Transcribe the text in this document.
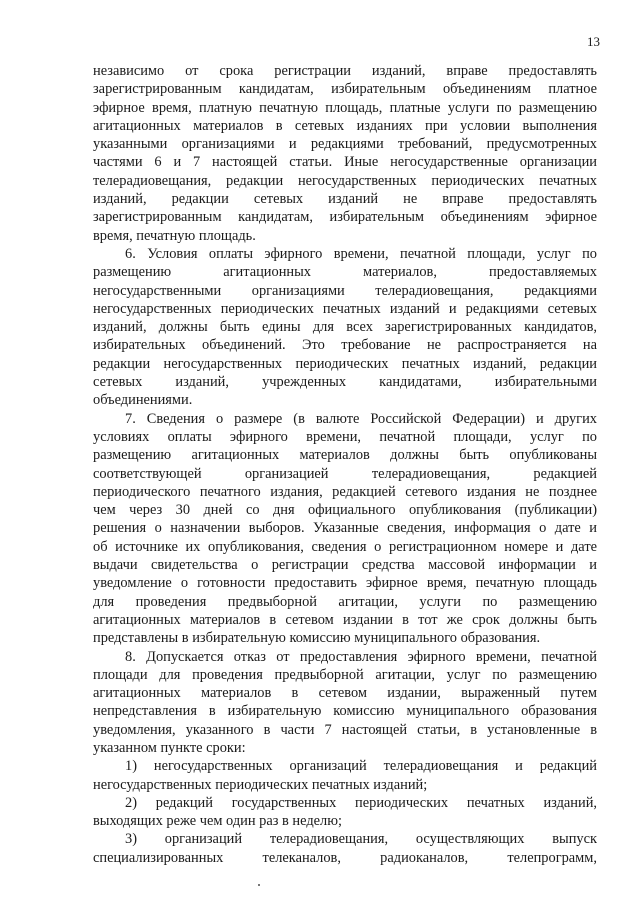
13
независимо от срока регистрации изданий, вправе предоставлять
зарегистрированным кандидатам, избирательным объединениям платное
эфирное время, платную печатную площадь, платные услуги по размещению
агитационных материалов в сетевых изданиях при условии выполнения
указанными организациями и редакциями требований, предусмотренных
частями 6 и 7 настоящей статьи. Иные негосударственные организации
телерадиовещания, редакции негосударственных периодических печатных
изданий, редакции сетевых изданий не вправе предоставлять
зарегистрированным кандидатам, избирательным объединениям эфирное
время, печатную площадь.
6. Условия оплаты эфирного времени, печатной площади, услуг по
размещению агитационных материалов, предоставляемых
негосударственными организациями телерадиовещания, редакциями
негосударственных периодических печатных изданий и редакциями сетевых
изданий, должны быть едины для всех зарегистрированных кандидатов,
избирательных объединений. Это требование не распространяется на
редакции негосударственных периодических печатных изданий, редакции
сетевых изданий, учрежденных кандидатами, избирательными
объединениями.
7. Сведения о размере (в валюте Российской Федерации) и других
условиях оплаты эфирного времени, печатной площади, услуг по
размещению агитационных материалов должны быть опубликованы
соответствующей организацией телерадиовещания, редакцией
периодического печатного издания, редакцией сетевого издания не позднее
чем через 30 дней со дня официального опубликования (публикации)
решения о назначении выборов. Указанные сведения, информация о дате и
об источнике их опубликования, сведения о регистрационном номере и дате
выдачи свидетельства о регистрации средства массовой информации и
уведомление о готовности предоставить эфирное время, печатную площадь
для проведения предвыборной агитации, услуги по размещению
агитационных материалов в сетевом издании в тот же срок должны быть
представлены в избирательную комиссию муниципального образования.
8. Допускается отказ от предоставления эфирного времени, печатной
площади для проведения предвыборной агитации, услуг по размещению
агитационных материалов в сетевом издании, выраженный путем
непредставления в избирательную комиссию муниципального образования
уведомления, указанного в части 7 настоящей статьи, в установленные в
указанном пункте сроки:
1) негосударственных организаций телерадиовещания и редакций
негосударственных периодических печатных изданий;
2) редакций государственных периодических печатных изданий,
выходящих реже чем один раз в неделю;
3) организаций телерадиовещания, осуществляющих выпуск
специализированных телеканалов, радиоканалов, телепрограмм,
